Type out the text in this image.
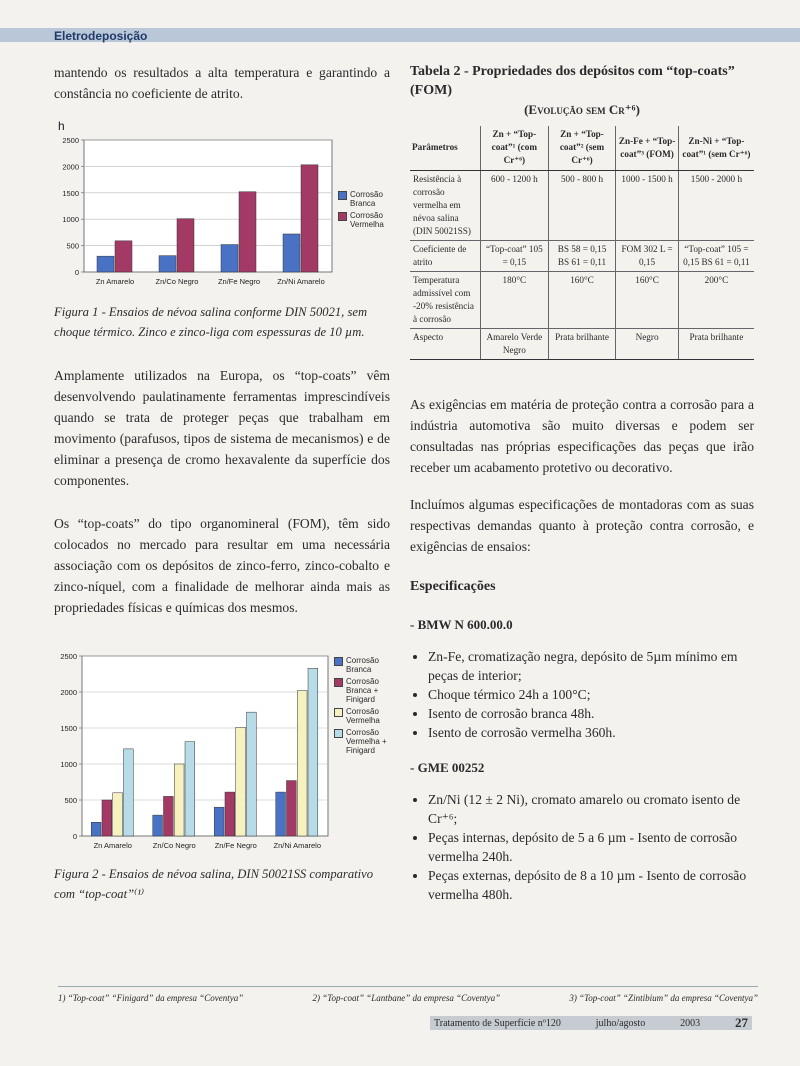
Eletrodeposição

mantendo os resultados a alta temperatura e garantindo a constância no coeficiente de atrito.

h
0
500
1000
1500
2000
2500
Zn Amarelo	Zn/Co Negro	Zn/Fe Negro Zn/Ni Amarelo
Corrosão Branca
Corrosão Vermelha

Figura 1 - Ensaios de névoa salina conforme DIN 50021, sem choque térmico. Zinco e zinco-liga com espessuras de 10 µm.

Amplamente utilizados na Europa, os “top-coats” vêm desenvolvendo paulatinamente ferramentas imprescindíveis quando se trata de proteger peças que trabalham em movimento (parafusos, tipos de sistema de mecanismos) e de eliminar a presença de cromo hexavalente da superfície dos componentes.

Os “top-coats” do tipo organomineral (FOM), têm sido colocados no mercado para resultar em uma necessária associação com os depósitos de zinco-ferro, zinco-cobalto e zinco-níquel, com a finalidade de melhorar ainda mais as propriedades físicas e químicas dos mesmos.

0
500
1000
1500
2000
2500
Zn Amarelo	Zn/Co Negro	Zn/Fe Negro Zn/Ni Amarelo
Corrosão Branca
Corrosão Branca + Finigard
Corrosão Vermelha
Corrosão Vermelha + Finigard

Figura 2 - Ensaios de névoa salina, DIN 50021SS comparativo com “top-coat”⁽¹⁾

Tabela 2 - Propriedades dos depósitos com “top-coats” (FOM)

(Evolução sem Cr⁺⁶)

Parâmetros	Zn + “Top-coat”¹ (com Cr⁺⁶)	Zn + “Top-coat”² (sem Cr⁺⁶)	Zn-Fe + “Top-coat”³ (FOM)	Zn-Ni + “Top-coat”¹ (sem Cr⁺⁶)
Resistência à corrosão vermelha em névoa salina (DIN 50021SS)	600 - 1200 h	500 - 800 h	1000 - 1500 h	1500 - 2000 h
Coeficiente de atrito	“Top-coat” 105 = 0,15	BS 58 = 0,15 BS 61 = 0,11	FOM 302 L = 0,15	“Top-coat” 105 = 0,15 BS 61 = 0,11
Temperatura admissível com -20% resistência à corrosão	180°C	160°C	160°C	200°C
Aspecto	Amarelo Verde Negro	Prata brilhante	Negro	Prata brilhante

As exigências em matéria de proteção contra a corrosão para a indústria automotiva são muito diversas e podem ser consultadas nas próprias especificações das peças que irão receber um acabamento protetivo ou decorativo.

Incluímos algumas especificações de montadoras com as suas respectivas demandas quanto à proteção contra corrosão, e exigências de ensaios:

Especificações

- BMW N 600.00.0

• Zn-Fe, cromatização negra, depósito de 5µm mínimo em peças de interior;
• Choque térmico 24h a 100°C;
• Isento de corrosão branca 48h.
• Isento de corrosão vermelha 360h.

- GME 00252

• Zn/Ni (12 ± 2 Ni), cromato amarelo ou cromato isento de Cr⁺⁶;
• Peças internas, depósito de 5 a 6 µm - Isento de corrosão vermelha 240h.
• Peças externas, depósito de 8 a 10 µm - Isento de corrosão vermelha 480h.
1) “Top-coat” “Finigard” da empresa “Coventya”	2) “Top-coat” “Lantbane” da empresa “Coventya”	3) “Top-coat” “Zintibium” da empresa “Coventya”
Tratamento de Superfície nº120	julho/agosto	2003	27
